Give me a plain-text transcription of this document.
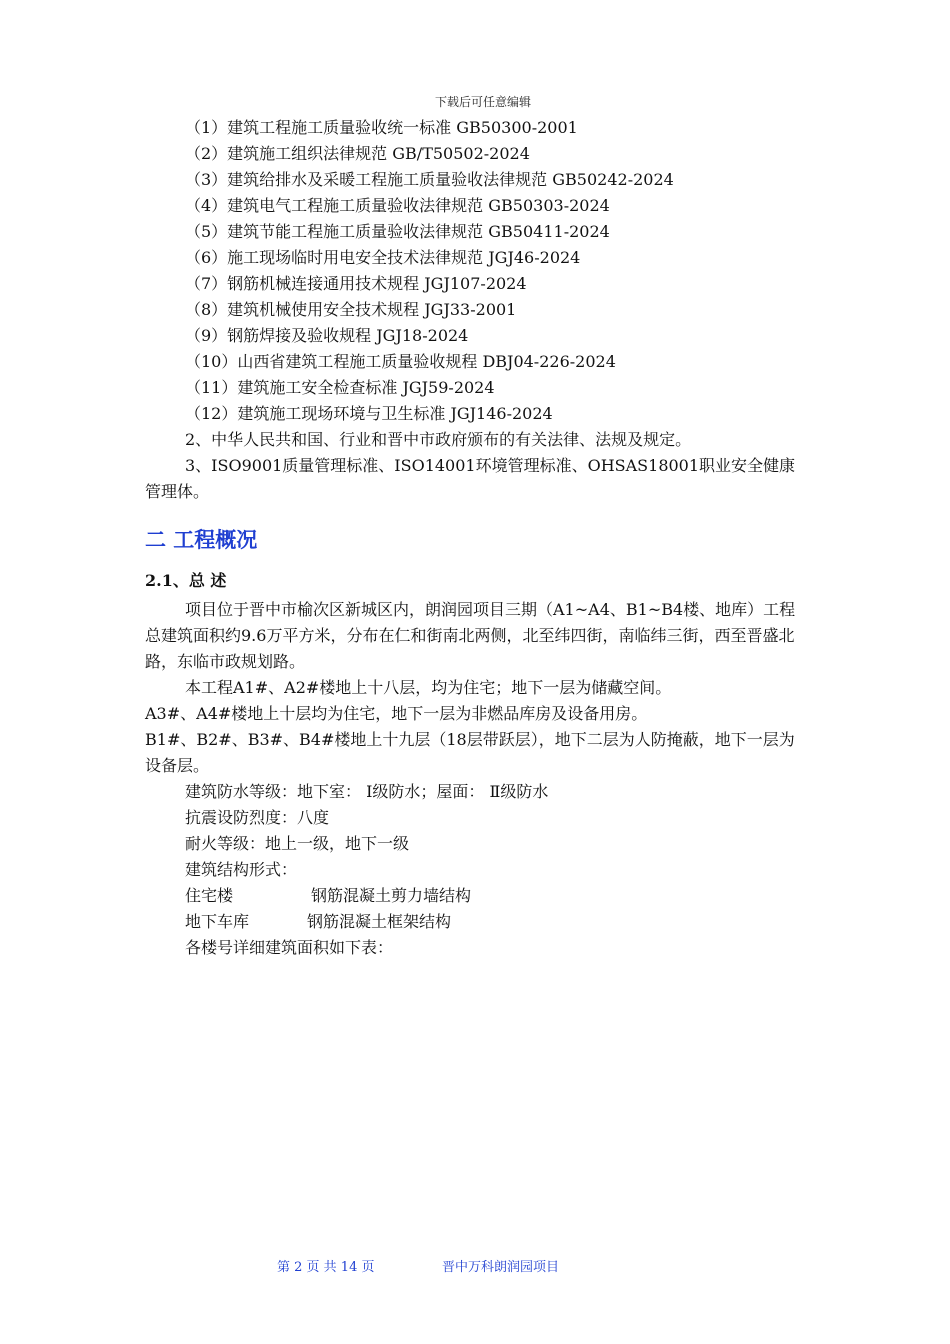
下载后可任意编辑
（1）建筑工程施工质量验收统一标准 GB50300-2001
（2）建筑施工组织法律规范 GB/T50502-2024
（3）建筑给排水及采暖工程施工质量验收法律规范 GB50242-2024
（4）建筑电气工程施工质量验收法律规范 GB50303-2024
（5）建筑节能工程施工质量验收法律规范 GB50411-2024
（6）施工现场临时用电安全技术法律规范 JGJ46-2024
（7）钢筋机械连接通用技术规程 JGJ107-2024
（8）建筑机械使用安全技术规程 JGJ33-2001
（9）钢筋焊接及验收规程 JGJ18-2024
（10）山西省建筑工程施工质量验收规程 DBJ04-226-2024
（11）建筑施工安全检查标准 JGJ59-2024
（12）建筑施工现场环境与卫生标准 JGJ146-2024
2、中华人民共和国、行业和晋中市政府颁布的有关法律、法规及规定。
3、ISO9001质量管理标准、ISO14001环境管理标准、OHSAS18001职业安全健康管理体。
二 工程概况
2.1、总 述
项目位于晋中市榆次区新城区内，朗润园项目三期（A1~A4、B1~B4楼、地库）工程总建筑面积约9.6万平方米，分布在仁和街南北两侧，北至纬四街，南临纬三街，西至晋盛北路，东临市政规划路。
本工程A1#、A2#楼地上十八层，均为住宅；地下一层为储藏空间。
A3#、A4#楼地上十层均为住宅，地下一层为非燃品库房及设备用房。
B1#、B2#、B3#、B4#楼地上十九层（18层带跃层），地下二层为人防掩蔽，地下一层为设备层。
建筑防水等级：地下室： Ⅰ级防水；屋面： Ⅱ级防水
抗震设防烈度：八度
耐火等级：地上一级，地下一级
建筑结构形式：
住宅楼	钢筋混凝土剪力墙结构
地下车库	钢筋混凝土框架结构
各楼号详细建筑面积如下表：
第 2 页 共 14 页	晋中万科朗润园项目
